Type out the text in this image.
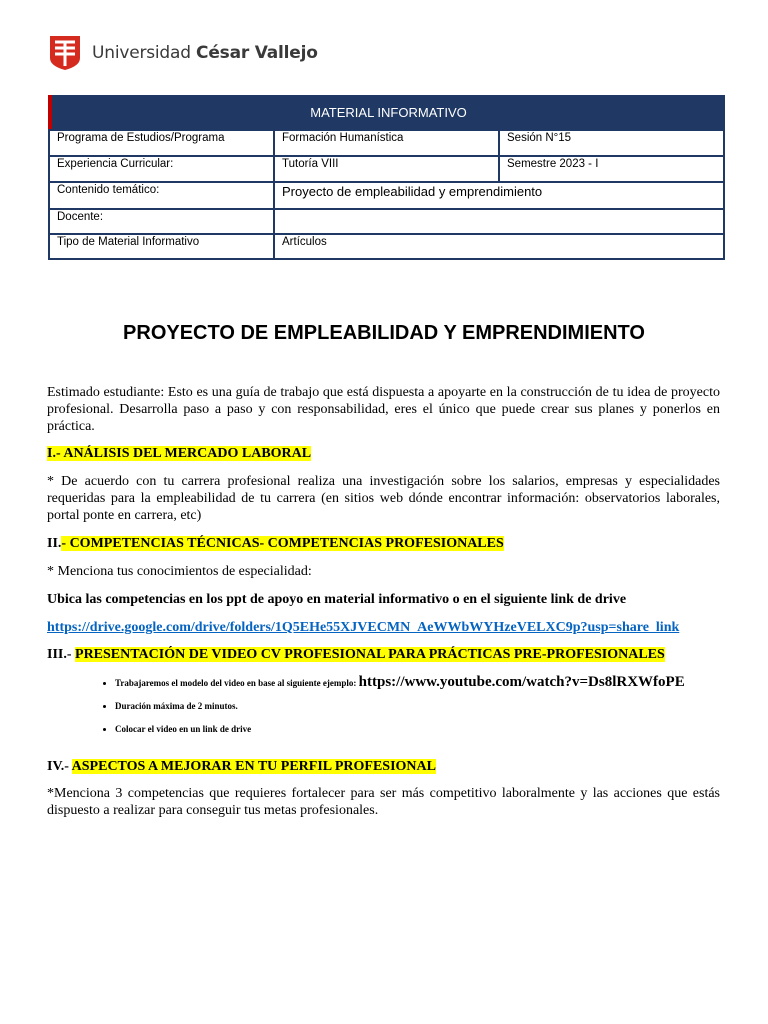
Universidad César Vallejo
MATERIAL INFORMATIVO
Programa de Estudios/Programa	Formación Humanística	Sesión N°15
Experiencia Curricular:	Tutoría VIII	Semestre 2023 - I
Contenido temático:	Proyecto de empleabilidad y emprendimiento	
Docente:		
Tipo de Material Informativo	Artículos	
PROYECTO DE EMPLEABILIDAD Y EMPRENDIMIENTO

Estimado estudiante: Esto es una guía de trabajo que está dispuesta a apoyarte en la construcción de tu idea de proyecto profesional. Desarrolla paso a paso y con responsabilidad, eres el único que puede crear sus planes y ponerlos en práctica.

I.- ANÁLISIS DEL MERCADO LABORAL

* De acuerdo con tu carrera profesional realiza una investigación sobre los salarios, empresas y especialidades requeridas para la empleabilidad de tu carrera (en sitios web dónde encontrar información: observatorios laborales, portal ponte en carrera, etc)

II.- COMPETENCIAS TÉCNICAS- COMPETENCIAS PROFESIONALES

* Menciona tus conocimientos de especialidad:

Ubica las competencias en los ppt de apoyo en material informativo o en el siguiente link de drive

https://drive.google.com/drive/folders/1Q5EHe55XJVECMN_AeWWbWYHzeVELXC9p?usp=share_link

III.- PRESENTACIÓN DE VIDEO CV PROFESIONAL PARA PRÁCTICAS PRE-PROFESIONALES

• Trabajaremos el modelo del video en base al siguiente ejemplo: https://www.youtube.com/watch?v=Ds8lRXWfoPE
• Duración máxima de 2 minutos.
• Colocar el video en un link de drive

IV.- ASPECTOS A MEJORAR EN TU PERFIL PROFESIONAL

*Menciona 3 competencias que requieres fortalecer para ser más competitivo laboralmente y las acciones que estás dispuesto a realizar para conseguir tus metas profesionales.
